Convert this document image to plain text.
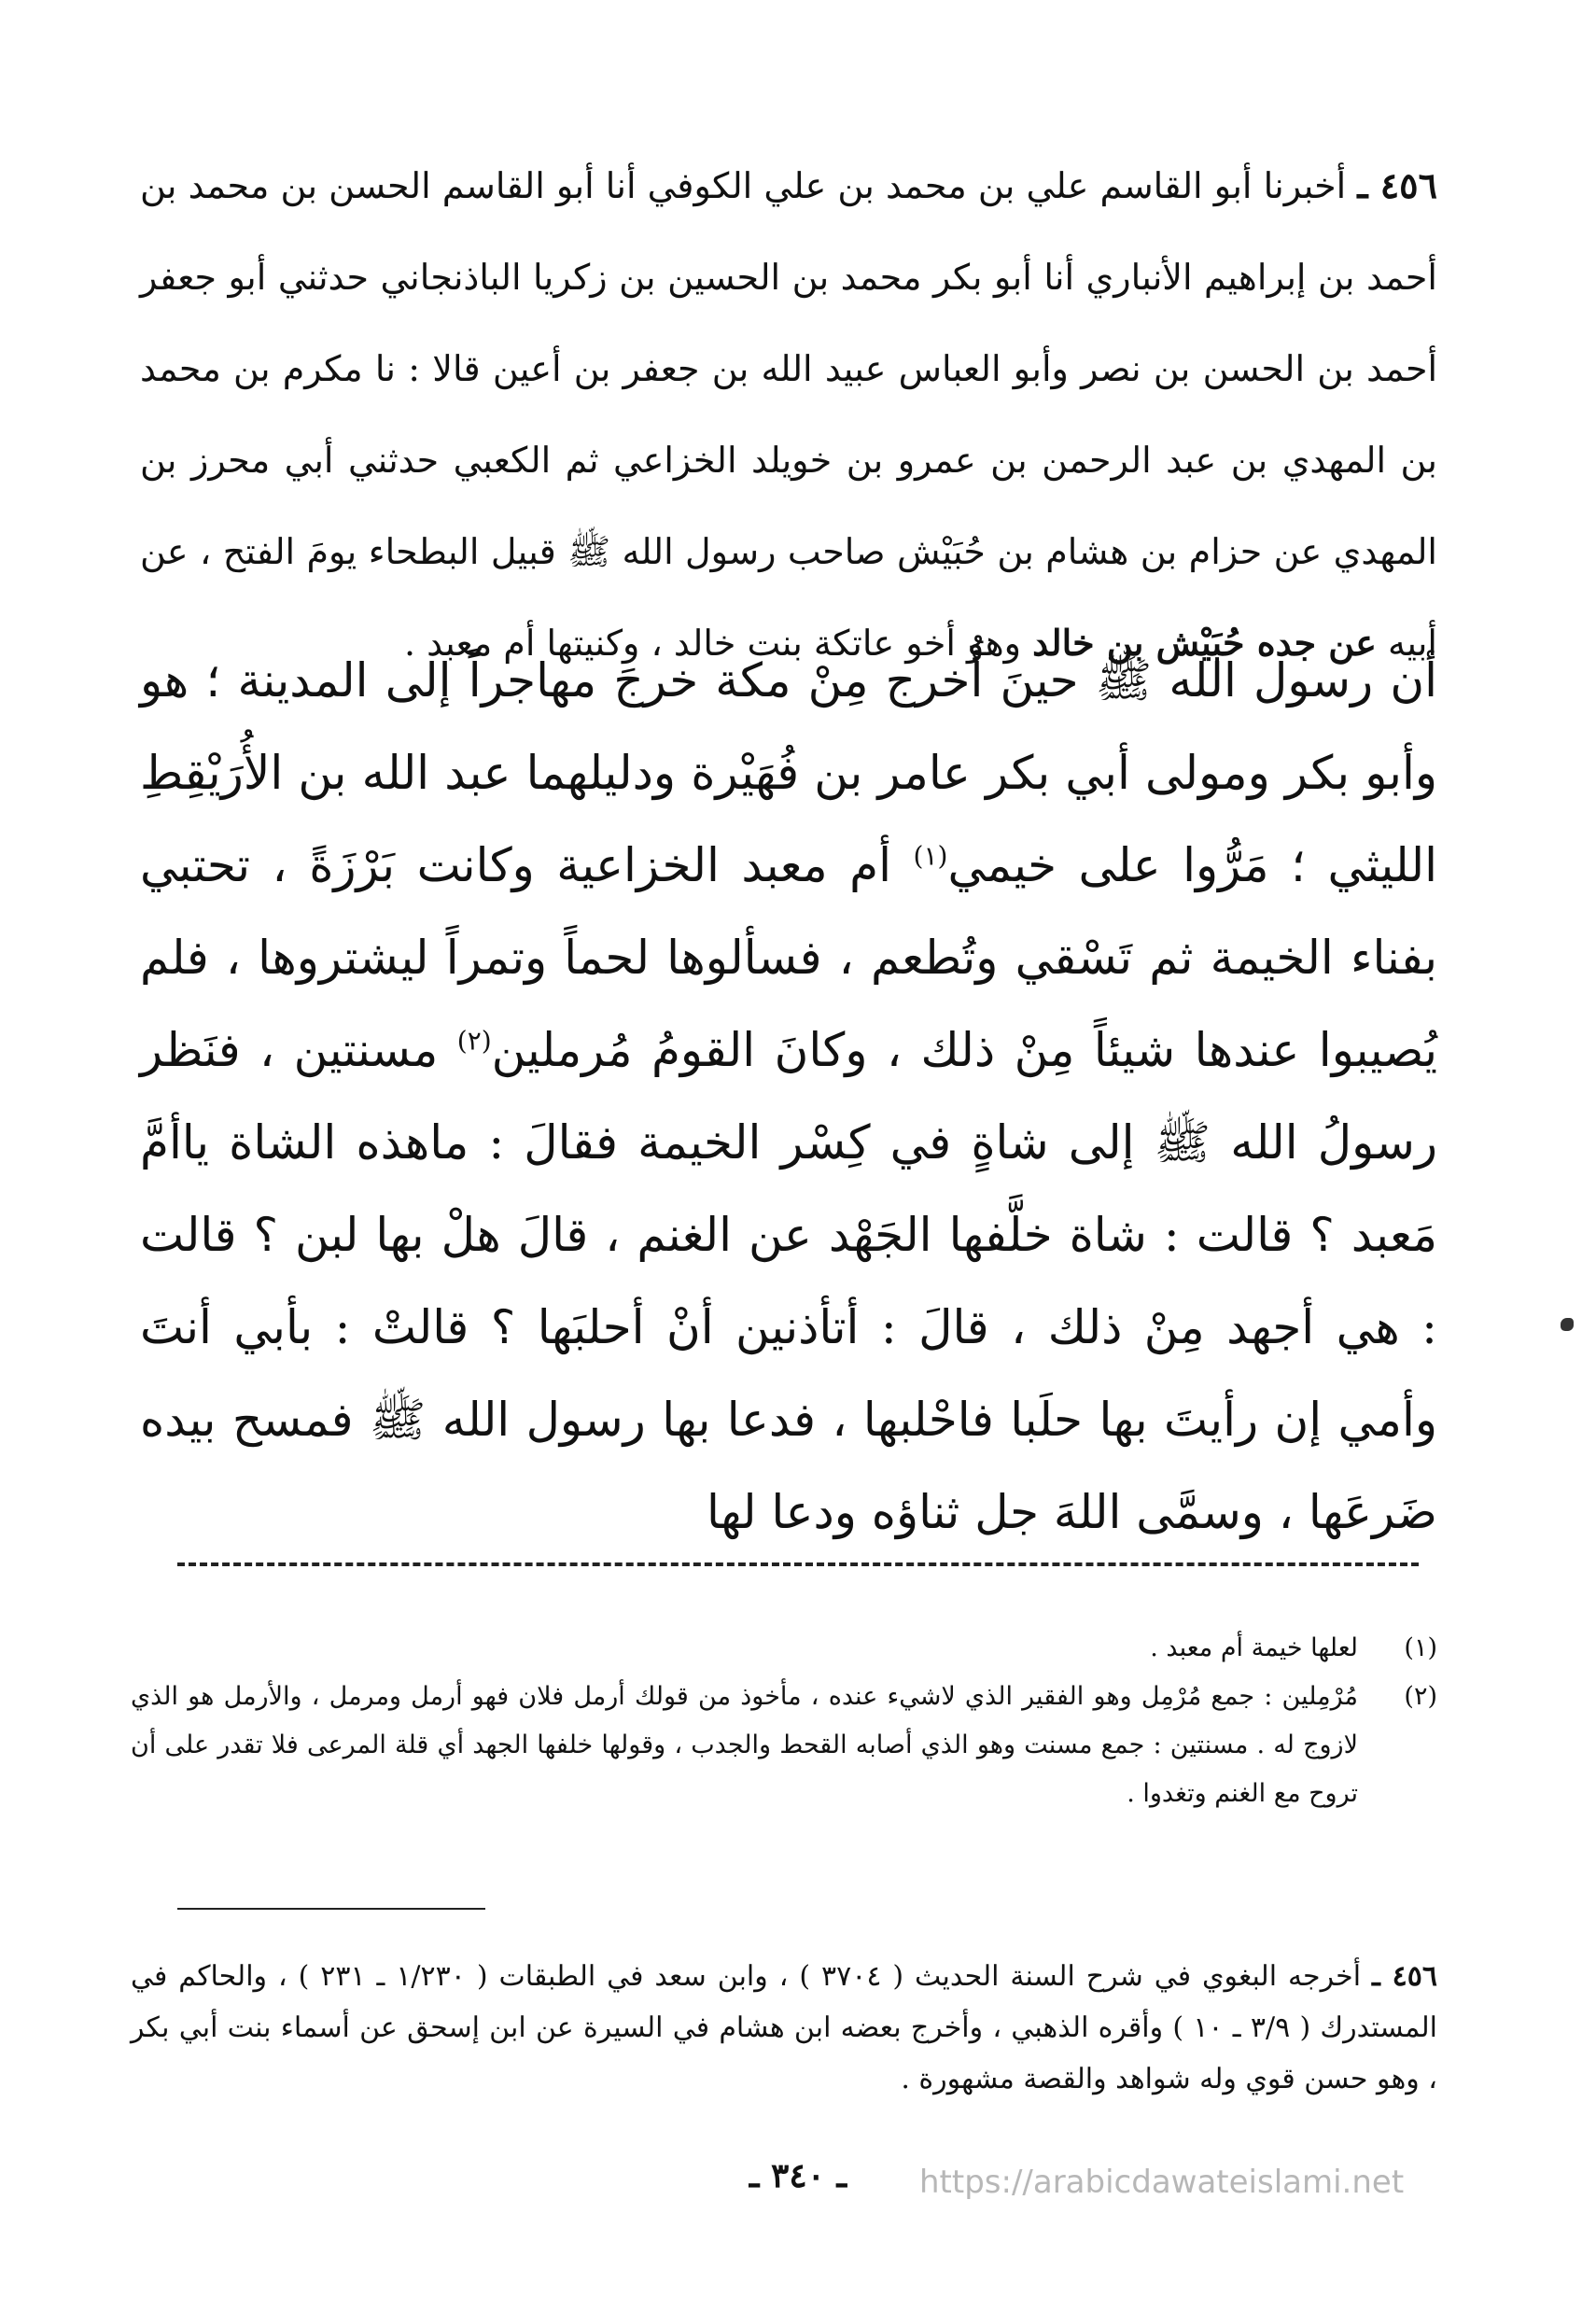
٤٥٦ ـ أخبرنا أبو القاسم علي بن محمد بن علي الكوفي أنا أبو القاسم الحسن بن محمد بن أحمد بن إبراهيم الأنباري أنا أبو بكر محمد بن الحسين بن زكريا الباذنجاني حدثني أبو جعفر أحمد بن الحسن بن نصر وأبو العباس عبيد الله بن جعفر بن أعين قالا : نا مكرم بن محمد بن المهدي بن عبد الرحمن بن عمرو بن خويلد الخزاعي ثم الكعبي حدثني أبي محرز بن المهدي عن حزام بن هشام بن حُبَيْش صاحب رسول الله ﷺ قبيل البطحاء يومَ الفتح ، عن أبيه عن جده حُبَيْش بن خالد وهو أخو عاتكة بنت خالد ، وكنيتها أم معبد .

أن رسول الله ﷺ حينَ أُخرج مِنْ مكة خرجَ مهاجراً إلى المدينة ؛ هو وأبو بكر ومولى أبي بكر عامر بن فُهَيْرة ودليلهما عبد الله بن الأُرَيْقِطِ الليثي ؛ مَرُّوا على خيمي$^{(١)}$ أم معبد الخزاعية وكانت بَرْزَةً ، تحتبي بفناء الخيمة ثم تَسْقي وتُطعم ، فسألوها لحماً وتمراً ليشتروها ، فلم يُصيبوا عندها شيئاً مِنْ ذلك ، وكانَ القومُ مُرملين$^{(٢)}$ مسنتين ، فنَظر رسولُ الله ﷺ إلى شاةٍ في كِسْر الخيمة فقالَ : ماهذه الشاة ياأمَّ مَعبد ؟ قالت : شاة خلَّفها الجَهْد عن الغنم ، قالَ هلْ بها لبن ؟ قالت : هي أجهد مِنْ ذلك ، قالَ : أتأذنين أنْ أحلبَها ؟ قالتْ : بأبي أنتَ وأمي إن رأيتَ بها حلَبا فاحْلبها ، فدعا بها رسول الله ﷺ فمسح بيده ضَرعَها ، وسمَّى اللهَ جل ثناؤه ودعا لها

(١)
لعلها خيمة أم معبد .
(٢)
مُرْمِلين : جمع مُرْمِل وهو الفقير الذي لاشيء عنده ، مأخوذ من قولك أرمل فلان فهو أرمل ومرمل ، والأرمل هو الذي لازوج له . مسنتين : جمع مسنت وهو الذي أصابه القحط والجدب ، وقولها خلفها الجهد أي قلة المرعى فلا تقدر على أن تروح مع الغنم وتغدوا .

٤٥٦ ـ أخرجه البغوي في شرح السنة الحديث ( ٣٧٠٤ ) ، وابن سعد في الطبقات ( ١/٢٣٠ ـ ٢٣١ ) ، والحاكم في المستدرك ( ٣/٩ ـ ١٠ ) وأقره الذهبي ، وأخرج بعضه ابن هشام في السيرة عن ابن إسحق عن أسماء بنت أبي بكر ، وهو حسن قوي وله شواهد والقصة مشهورة .

ـ ٣٤٠ ـ	https://arabicdawateislami.net
